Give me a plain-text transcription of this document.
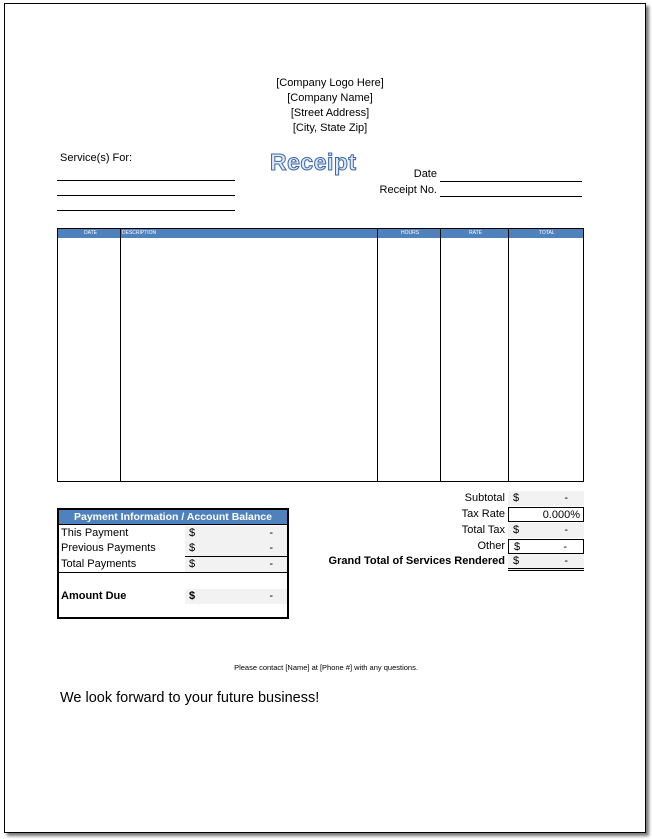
[Company Logo Here]
[Company Name]
[Street Address]
[City, State Zip]
Receipt
Service(s) For:
Date
Receipt No.
DATE	DESCRIPTION	HOURS	RATE	TOTAL
Payment Information / Account Balance
This Payment	$	-
Previous Payments	$	-
Total Payments	$	-
Amount Due	$	-
Subtotal $	-
Tax Rate	0.000%
Total Tax $	-
Other $	-
Grand Total of Services Rendered $	-
Please contact [Name] at [Phone #] with any questions.
We look forward to your future business!
